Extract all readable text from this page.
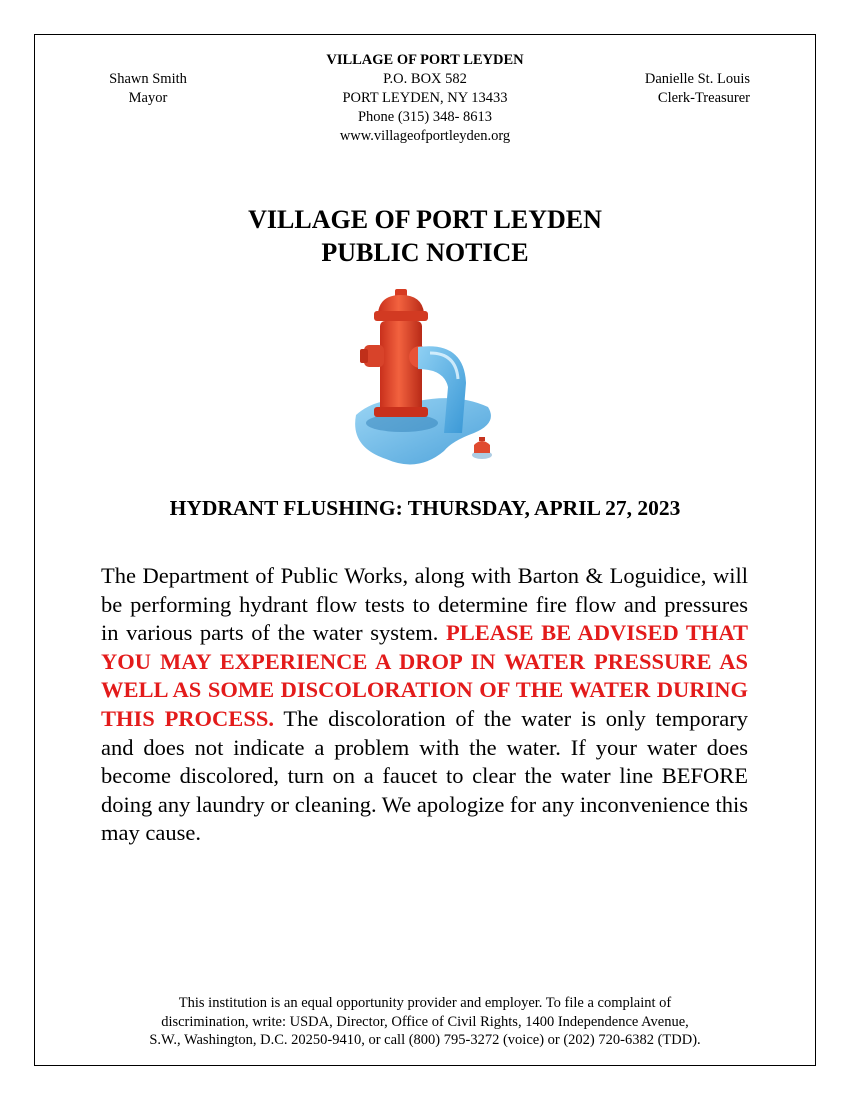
Shawn Smith
Mayor
VILLAGE OF PORT LEYDEN
P.O. BOX 582
PORT LEYDEN, NY 13433
Phone (315) 348- 8613
www.villageofportleyden.org
Danielle St. Louis
Clerk-Treasurer
VILLAGE OF PORT LEYDEN
PUBLIC NOTICE
HYDRANT FLUSHING: THURSDAY, APRIL 27, 2023
The Department of Public Works, along with Barton & Loguidice, will be performing hydrant flow tests to determine fire flow and pressures in various parts of the water system. PLEASE BE ADVISED THAT YOU MAY EXPERIENCE A DROP IN WATER PRESSURE AS WELL AS SOME DISCOLORATION OF THE WATER DURING THIS PROCESS. The discoloration of the water is only temporary and does not indicate a problem with the water. If your water does become discolored, turn on a faucet to clear the water line BEFORE doing any laundry or cleaning. We apologize for any inconvenience this may cause.
This institution is an equal opportunity provider and employer. To file a complaint of
discrimination, write: USDA, Director, Office of Civil Rights, 1400 Independence Avenue,
S.W., Washington, D.C. 20250-9410, or call (800) 795-3272 (voice) or (202) 720-6382 (TDD).
